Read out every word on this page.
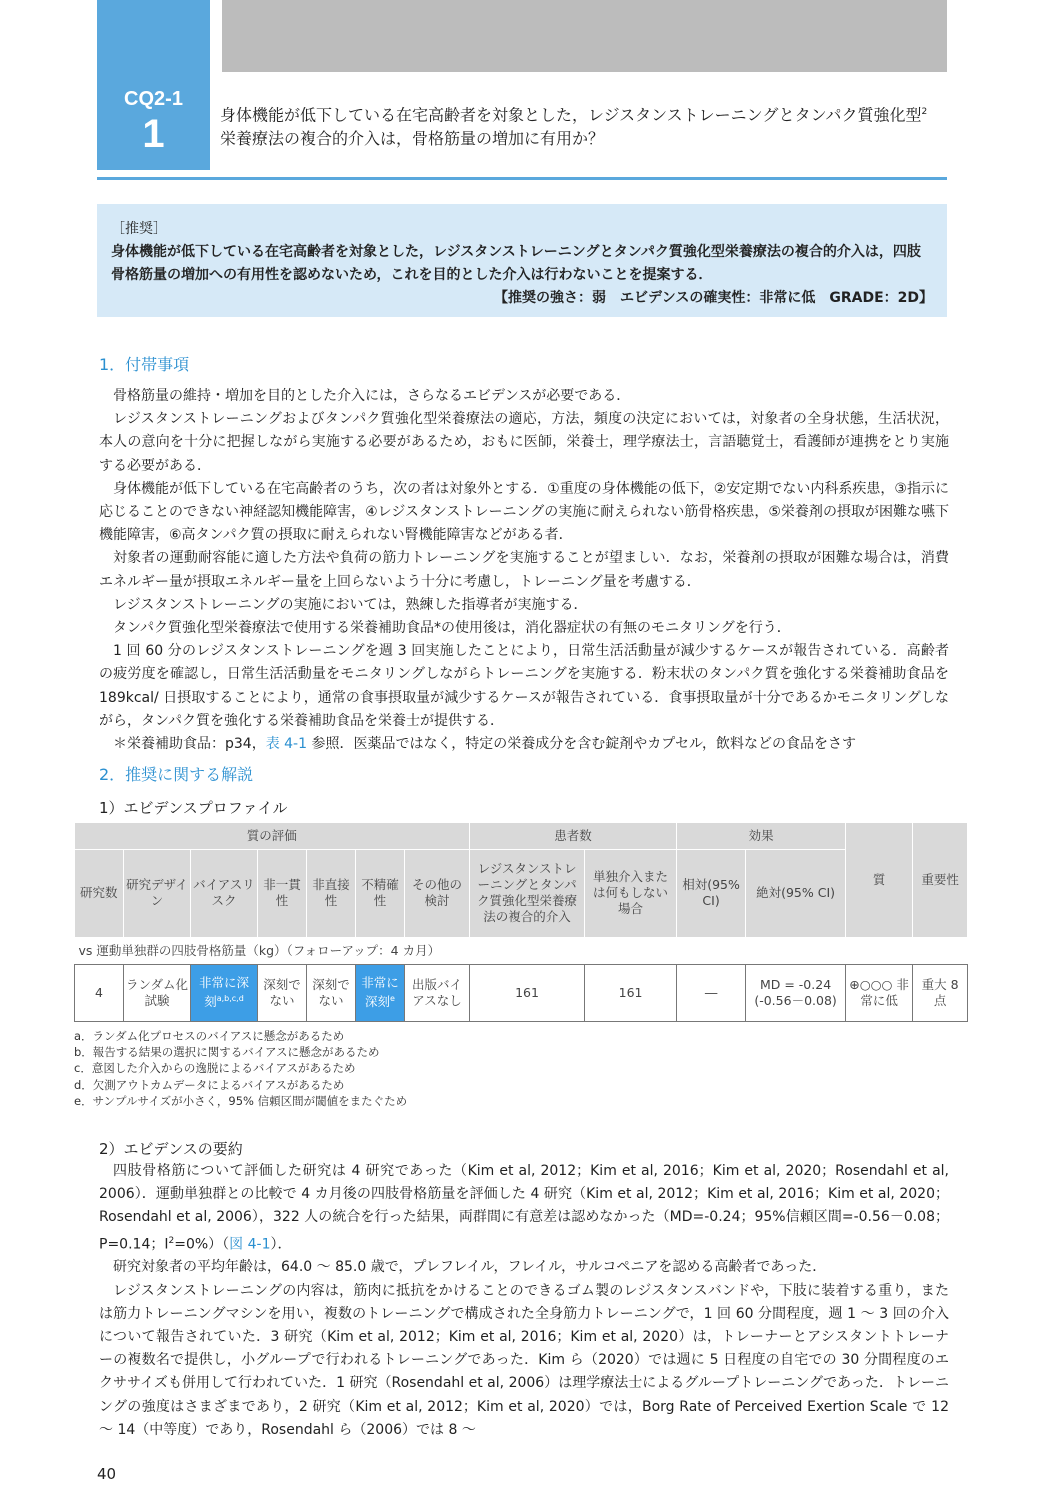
CQ2-1
1	身体機能が低下している在宅高齢者を対象とした，レジスタンストレーニングとタンパク質強化型$^2$
栄養療法の複合的介入は，骨格筋量の増加に有用か？
［推奨］
身体機能が低下している在宅高齢者を対象とした，レジスタンストレーニングとタンパク質強化型栄養療法の複合的介入は，四肢骨格筋量の増加への有用性を認めないため，これを目的とした介入は行わないことを提案する．
【推奨の強さ：弱　エビデンスの確実性：非常に低　GRADE：2D】
1．付帯事項

骨格筋量の維持・増加を目的とした介入には，さらなるエビデンスが必要である．

レジスタンストレーニングおよびタンパク質強化型栄養療法の適応，方法，頻度の決定においては，対象者の全身状態，生活状況，本人の意向を十分に把握しながら実施する必要があるため，おもに医師，栄養士，理学療法士，言語聴覚士，看護師が連携をとり実施する必要がある．

身体機能が低下している在宅高齢者のうち，次の者は対象外とする．①重度の身体機能の低下，②安定期でない内科系疾患，③指示に応じることのできない神経認知機能障害，④レジスタンストレーニングの実施に耐えられない筋骨格疾患，⑤栄養剤の摂取が困難な嚥下機能障害，⑥高タンパク質の摂取に耐えられない腎機能障害などがある者．

対象者の運動耐容能に適した方法や負荷の筋力トレーニングを実施することが望ましい．なお，栄養剤の摂取が困難な場合は，消費エネルギー量が摂取エネルギー量を上回らないよう十分に考慮し，トレーニング量を考慮する．

レジスタンストレーニングの実施においては，熟練した指導者が実施する．

タンパク質強化型栄養療法で使用する栄養補助食品*の使用後は，消化器症状の有無のモニタリングを行う．

1 回 60 分のレジスタンストレーニングを週 3 回実施したことにより，日常生活活動量が減少するケースが報告されている．高齢者の疲労度を確認し，日常生活活動量をモニタリングしながらトレーニングを実施する．粉末状のタンパク質を強化する栄養補助食品を 189kcal/ 日摂取することにより，通常の食事摂取量が減少するケースが報告されている．食事摂取量が十分であるかモニタリングしながら，タンパク質を強化する栄養補助食品を栄養士が提供する．

＊栄養補助食品：p34，表 4-1 参照．医薬品ではなく，特定の栄養成分を含む錠剤やカプセル，飲料などの食品をさす

2．推奨に関する解説
1）エビデンスプロファイル
質の評価							患者数		効果		質	重要性
研究数	研究デザイン	バイアスリスク	非一貫性	非直接性	不精確性	その他の検討	レジスタンストレーニングとタンパク質強化型栄養療法の複合的介入	単独介入または何もしない場合	相対(95% CI)	絶対(95% CI)		
vs 運動単独群の四肢骨格筋量（kg）（フォローアップ：4 カ月）												
4	ランダム化試験	非常に深刻$^{a,b,c,d}$	深刻でない	深刻でない	非常に深刻$^e$	出版バイアスなし	161	161	―	MD = -0.24 (-0.56－0.08)	⊕○○○ 非常に低	重大 8 点
a．ランダム化プロセスのバイアスに懸念があるため
b．報告する結果の選択に関するバイアスに懸念があるため
c．意図した介入からの逸脱によるバイアスがあるため
d．欠測アウトカムデータによるバイアスがあるため
e．サンプルサイズが小さく，95% 信頼区間が閾値をまたぐため
2）エビデンスの要約

四肢骨格筋について評価した研究は 4 研究であった（Kim et al, 2012；Kim et al, 2016；Kim et al, 2020；Rosendahl et al, 2006）．運動単独群との比較で 4 カ月後の四肢骨格筋量を評価した 4 研究（Kim et al, 2012；Kim et al, 2016；Kim et al, 2020；Rosendahl et al, 2006），322 人の統合を行った結果，両群間に有意差は認めなかった（MD=-0.24；95%信頼区間=-0.56－0.08；P=0.14；$I^2=0\%$）（図 4-1）．

研究対象者の平均年齢は，64.0 ～ 85.0 歳で，プレフレイル，フレイル，サルコペニアを認める高齢者であった．

レジスタンストレーニングの内容は，筋肉に抵抗をかけることのできるゴム製のレジスタンスバンドや，下肢に装着する重り，または筋力トレーニングマシンを用い，複数のトレーニングで構成された全身筋力トレーニングで，1 回 60 分間程度，週 1 ～ 3 回の介入について報告されていた．3 研究（Kim et al, 2012；Kim et al, 2016；Kim et al, 2020）は，トレーナーとアシスタントトレーナーの複数名で提供し，小グループで行われるトレーニングであった．Kim ら（2020）では週に 5 日程度の自宅での 30 分間程度のエクササイズも併用して行われていた．1 研究（Rosendahl et al, 2006）は理学療法士によるグループトレーニングであった．トレーニングの強度はさまざまであり，2 研究（Kim et al, 2012；Kim et al, 2020）では，Borg Rate of Perceived Exertion Scale で 12 ～ 14（中等度）であり，Rosendahl ら（2006）では 8 ～

40
